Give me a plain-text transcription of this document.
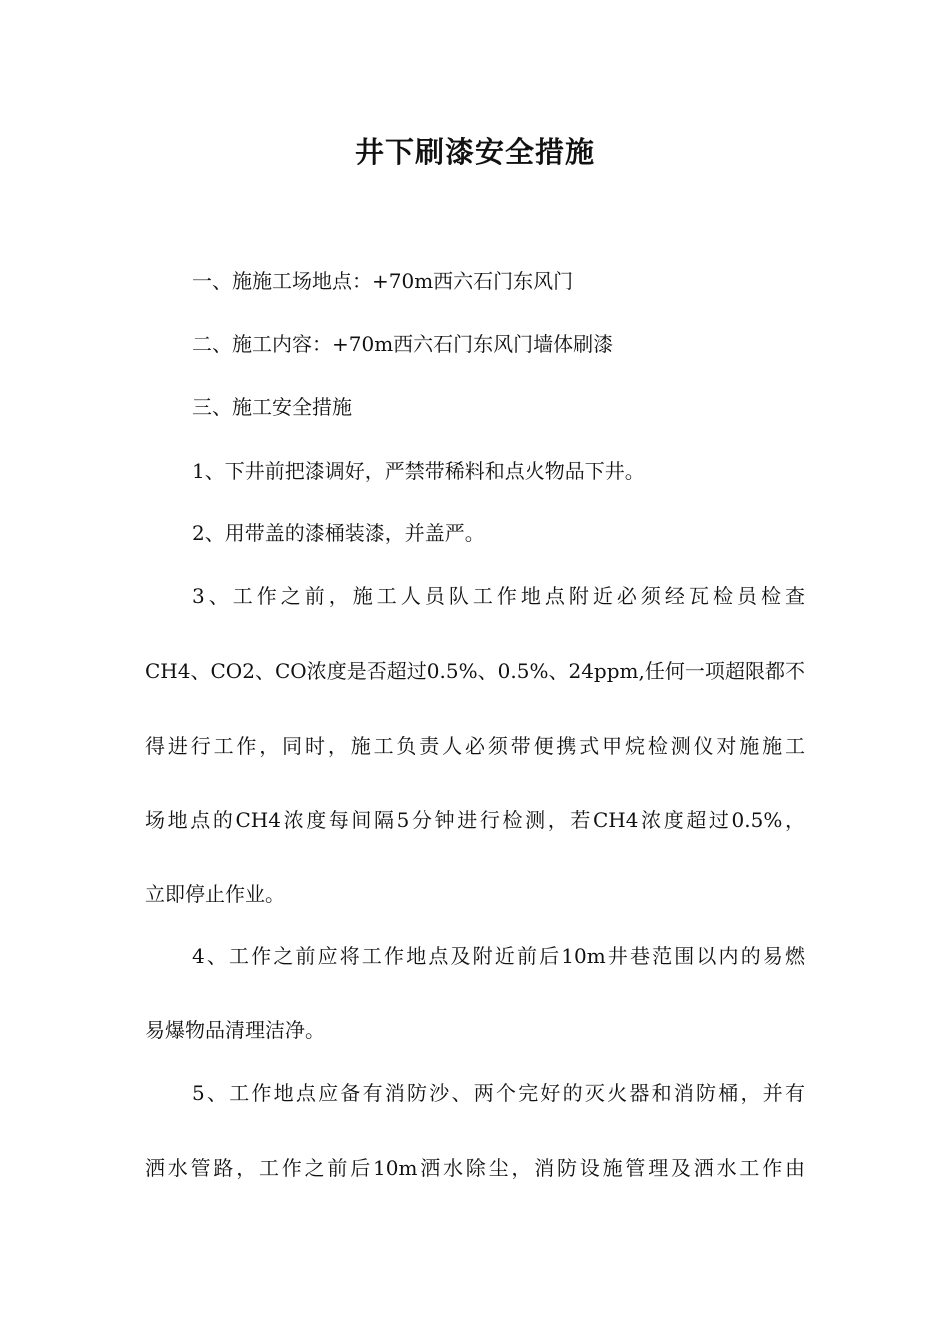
井下刷漆安全措施

一、施施工场地点：+70m西六石门东风门

二、施工内容：+70m西六石门东风门墙体刷漆

三、施工安全措施

1、下井前把漆调好，严禁带稀料和点火物品下井。

2、用带盖的漆桶装漆，并盖严。

3、工作之前，施工人员队工作地点附近必须经瓦检员检查

CH4、CO2、CO浓度是否超过0.5%、0.5%、24ppm,任何一项超限都不

得进行工作，同时，施工负责人必须带便携式甲烷检测仪对施施工

场地点的CH4浓度每间隔5分钟进行检测，若CH4浓度超过0.5%，

立即停止作业。

4、工作之前应将工作地点及附近前后10m井巷范围以内的易燃

易爆物品清理洁净。

5、工作地点应备有消防沙、两个完好的灭火器和消防桶，并有

洒水管路，工作之前后10m洒水除尘，消防设施管理及洒水工作由
